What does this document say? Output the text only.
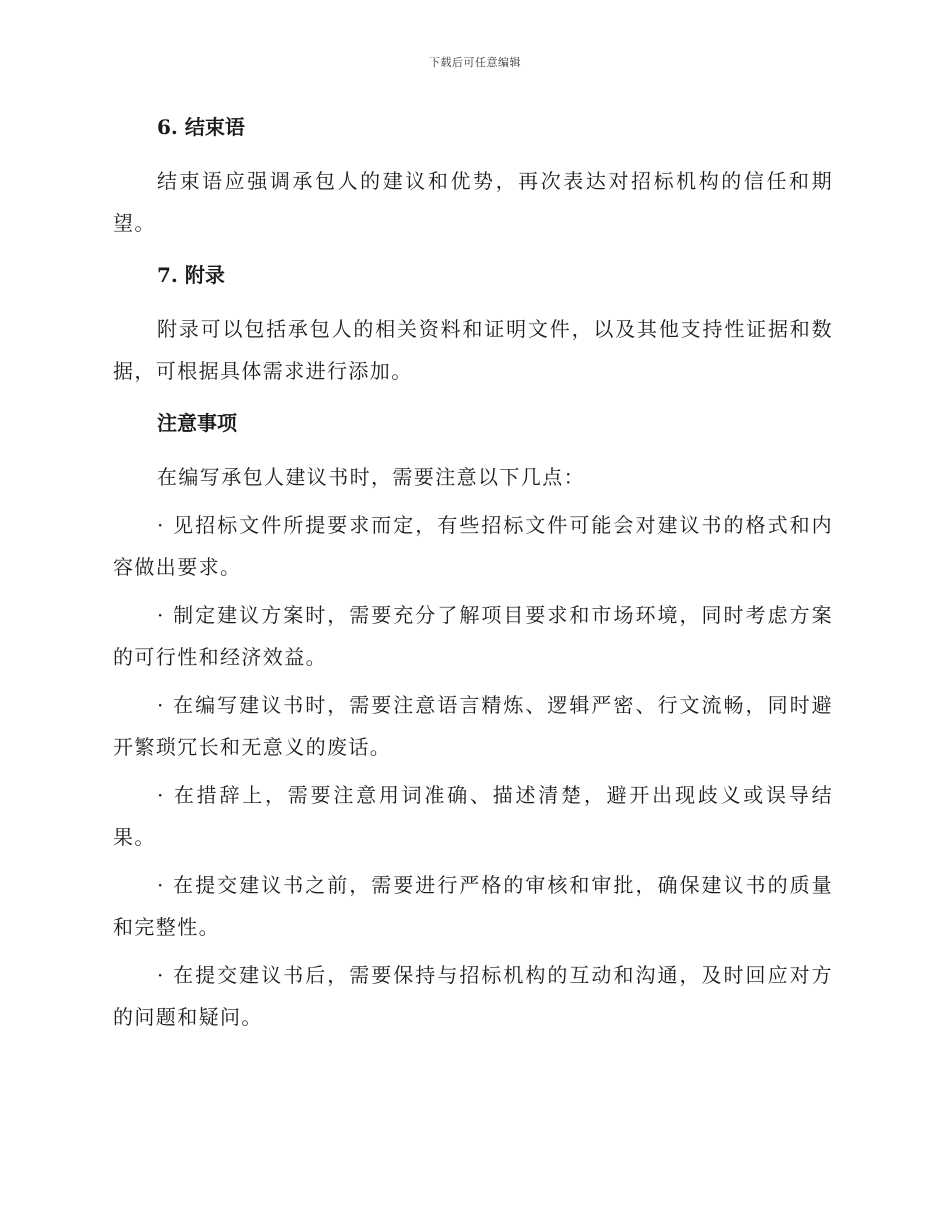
下载后可任意编辑
6. 结束语

结束语应强调承包人的建议和优势，再次表达对招标机构的信任和期望。

7. 附录

附录可以包括承包人的相关资料和证明文件，以及其他支持性证据和数据，可根据具体需求进行添加。

注意事项

在编写承包人建议书时，需要注意以下几点：

· 见招标文件所提要求而定，有些招标文件可能会对建议书的格式和内容做出要求。

· 制定建议方案时，需要充分了解项目要求和市场环境，同时考虑方案的可行性和经济效益。

· 在编写建议书时，需要注意语言精炼、逻辑严密、行文流畅，同时避开繁琐冗长和无意义的废话。

· 在措辞上，需要注意用词准确、描述清楚，避开出现歧义或误导结果。

· 在提交建议书之前，需要进行严格的审核和审批，确保建议书的质量和完整性。

· 在提交建议书后，需要保持与招标机构的互动和沟通，及时回应对方的问题和疑问。
